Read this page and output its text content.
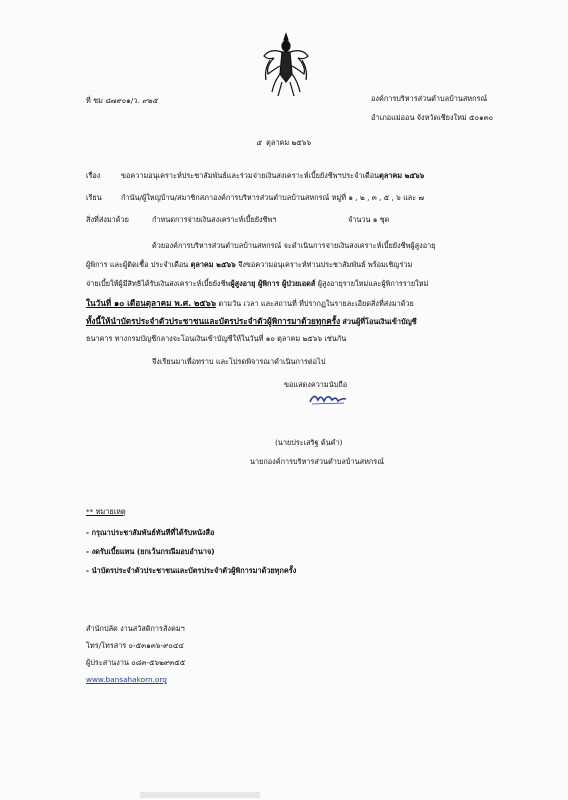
ที่ ชม ๘๗๙๐๑/ว. ๙๒๕	องค์การบริหารส่วนตำบลบ้านสหกรณ์
อำเภอแม่ออน จังหวัดเชียงใหม่ ๕๐๑๓๐
๕ ตุลาคม ๒๕๖๖
เรื่อง	ขอความอนุเคราะห์ประชาสัมพันธ์และร่วมจ่ายเงินสงเคราะห์เบี้ยยังชีพฯประจำเดือนตุลาคม ๒๕๖๖
เรียน	กำนัน/ผู้ใหญ่บ้าน/สมาชิกสภาองค์การบริหารส่วนตำบลบ้านสหกรณ์ หมู่ที่ ๑ , ๒ , ๓ , ๕ , ๖ และ ๗
สิ่งที่ส่งมาด้วย	กำหนดการจ่ายเงินสงเคราะห์เบี้ยยังชีพฯ	จำนวน ๑ ชุด
ด้วยองค์การบริหารส่วนตำบลบ้านสหกรณ์ จะดำเนินการจ่ายเงินสงเคราะห์เบี้ยยังชีพผู้สูงอายุ
ผู้พิการ และผู้ติดเชื้อ ประจำเดือน ตุลาคม ๒๕๖๖ จึงขอความอนุเคราะห์ท่านประชาสัมพันธ์ พร้อมเชิญร่วม
จ่ายเบี้ยให้ผู้มีสิทธิได้รับเงินสงเคราะห์เบี้ยยังชีพผู้สูงอายุ ผู้พิการ ผู้ป่วยเอดส์ ผู้สูงอายุรายใหม่และผู้พิการรายใหม่
ในวันที่ ๑๐ เดือนตุลาคม พ.ศ. ๒๕๖๖ ตามวัน เวลา และสถานที่ ที่ปรากฏในรายละเอียดสิ่งที่ส่งมาด้วย
ทั้งนี้ให้นำบัตรประจำตัวประชาชนและบัตรประจำตัวผู้พิการมาด้วยทุกครั้ง ส่วนผู้ที่โอนเงินเข้าบัญชี
ธนาคาร ทางกรมบัญชีกลางจะโอนเงินเข้าบัญชีให้ในวันที่ ๑๐ ตุลาคม ๒๕๖๖ เช่นกัน
จึงเรียนมาเพื่อทราบ และโปรดพิจารณาดำเนินการต่อไป
ขอแสดงความนับถือ
(นายประเสริฐ ต้นคำ)
นายกองค์การบริหารส่วนตำบลบ้านสหกรณ์
** หมายเหตุ
- กรุณาประชาสัมพันธ์ทันทีที่ได้รับหนังสือ
- งดรับเบี้ยแทน (ยกเว้นกรณีมอบอำนาจ)
- นำบัตรประจำตัวประชาชนและบัตรประจำตัวผู้พิการมาด้วยทุกครั้ง
สำนักปลัด งานสวัสดิการสังคมฯ
โทร/โทรสาร ๐-๕๓๑๓๖-๙๐๔๔
ผู้ประสานงาน ๐๘๓-๕๖๒๙๓๕๕
www.bansahakorn.org
